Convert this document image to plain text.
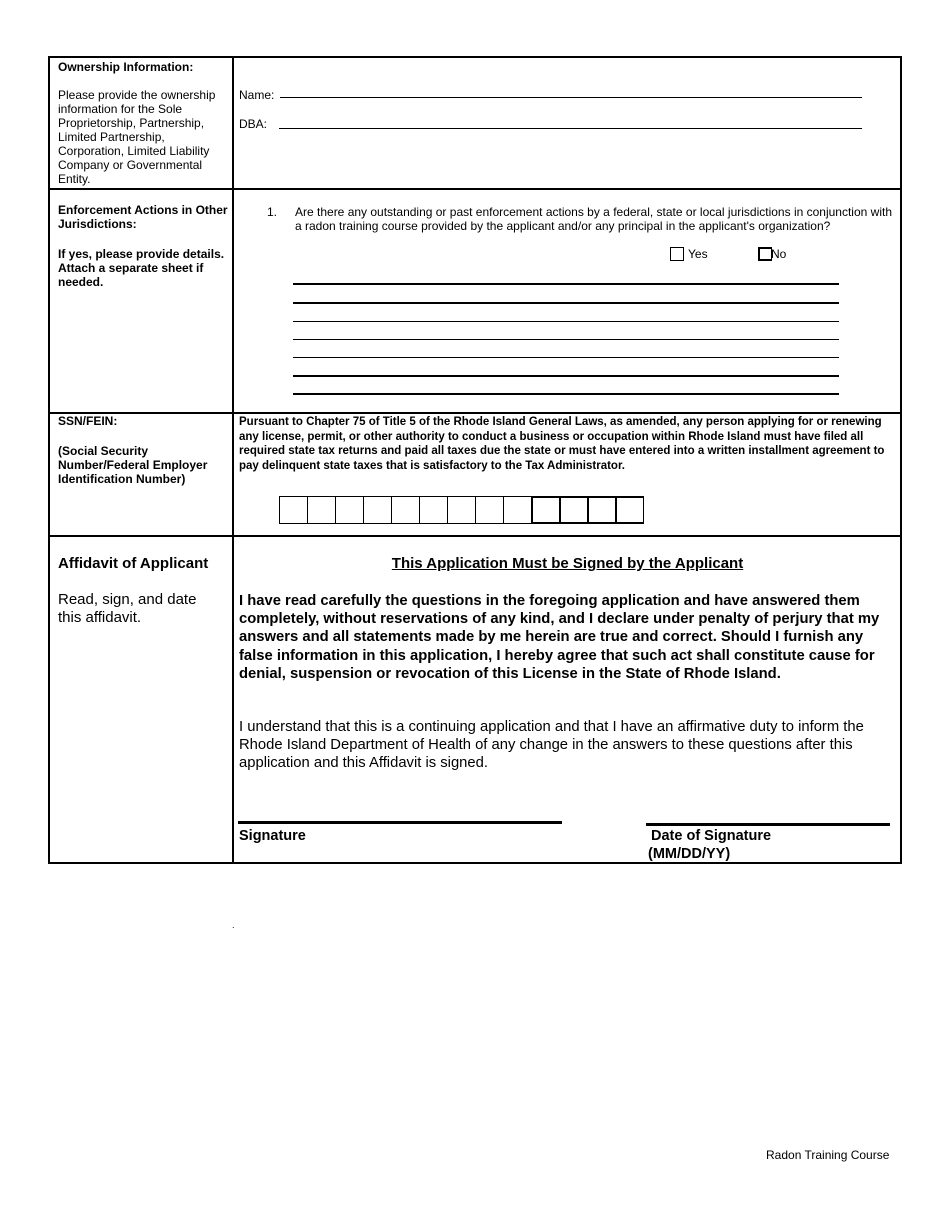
Ownership Information:
Please provide the ownership information for the Sole Proprietorship, Partnership, Limited Partnership, Corporation, Limited Liability Company or Governmental Entity.
Name:
DBA:
Enforcement Actions in Other Jurisdictions:
If yes, please provide details. Attach a separate sheet if needed.
1. Are there any outstanding or past enforcement actions by a federal, state or local jurisdictions in conjunction with a radon training course provided by the applicant and/or any principal in the applicant's organization?
Yes	No
SSN/FEIN:
(Social Security Number/Federal Employer Identification Number)
Pursuant to Chapter 75 of Title 5 of the Rhode Island General Laws, as amended, any person applying for or renewing any license, permit, or other authority to conduct a business or occupation within Rhode Island must have filed all required state tax returns and paid all taxes due the state or must have entered into a written installment agreement to pay delinquent state taxes that is satisfactory to the Tax Administrator.
Affidavit of Applicant
Read, sign, and date this affidavit.
This Application Must be Signed by the Applicant
I have read carefully the questions in the foregoing application and have answered them completely, without reservations of any kind, and I declare under penalty of perjury that my answers and all statements made by me herein are true and correct. Should I furnish any false information in this application, I hereby agree that such act shall constitute cause for denial, suspension or revocation of this License in the State of Rhode Island.
I understand that this is a continuing application and that I have an affirmative duty to inform the Rhode Island Department of Health of any change in the answers to these questions after this application and this Affidavit is signed.
Signature	Date of Signature
(MM/DD/YY)
.
Radon Training Course
